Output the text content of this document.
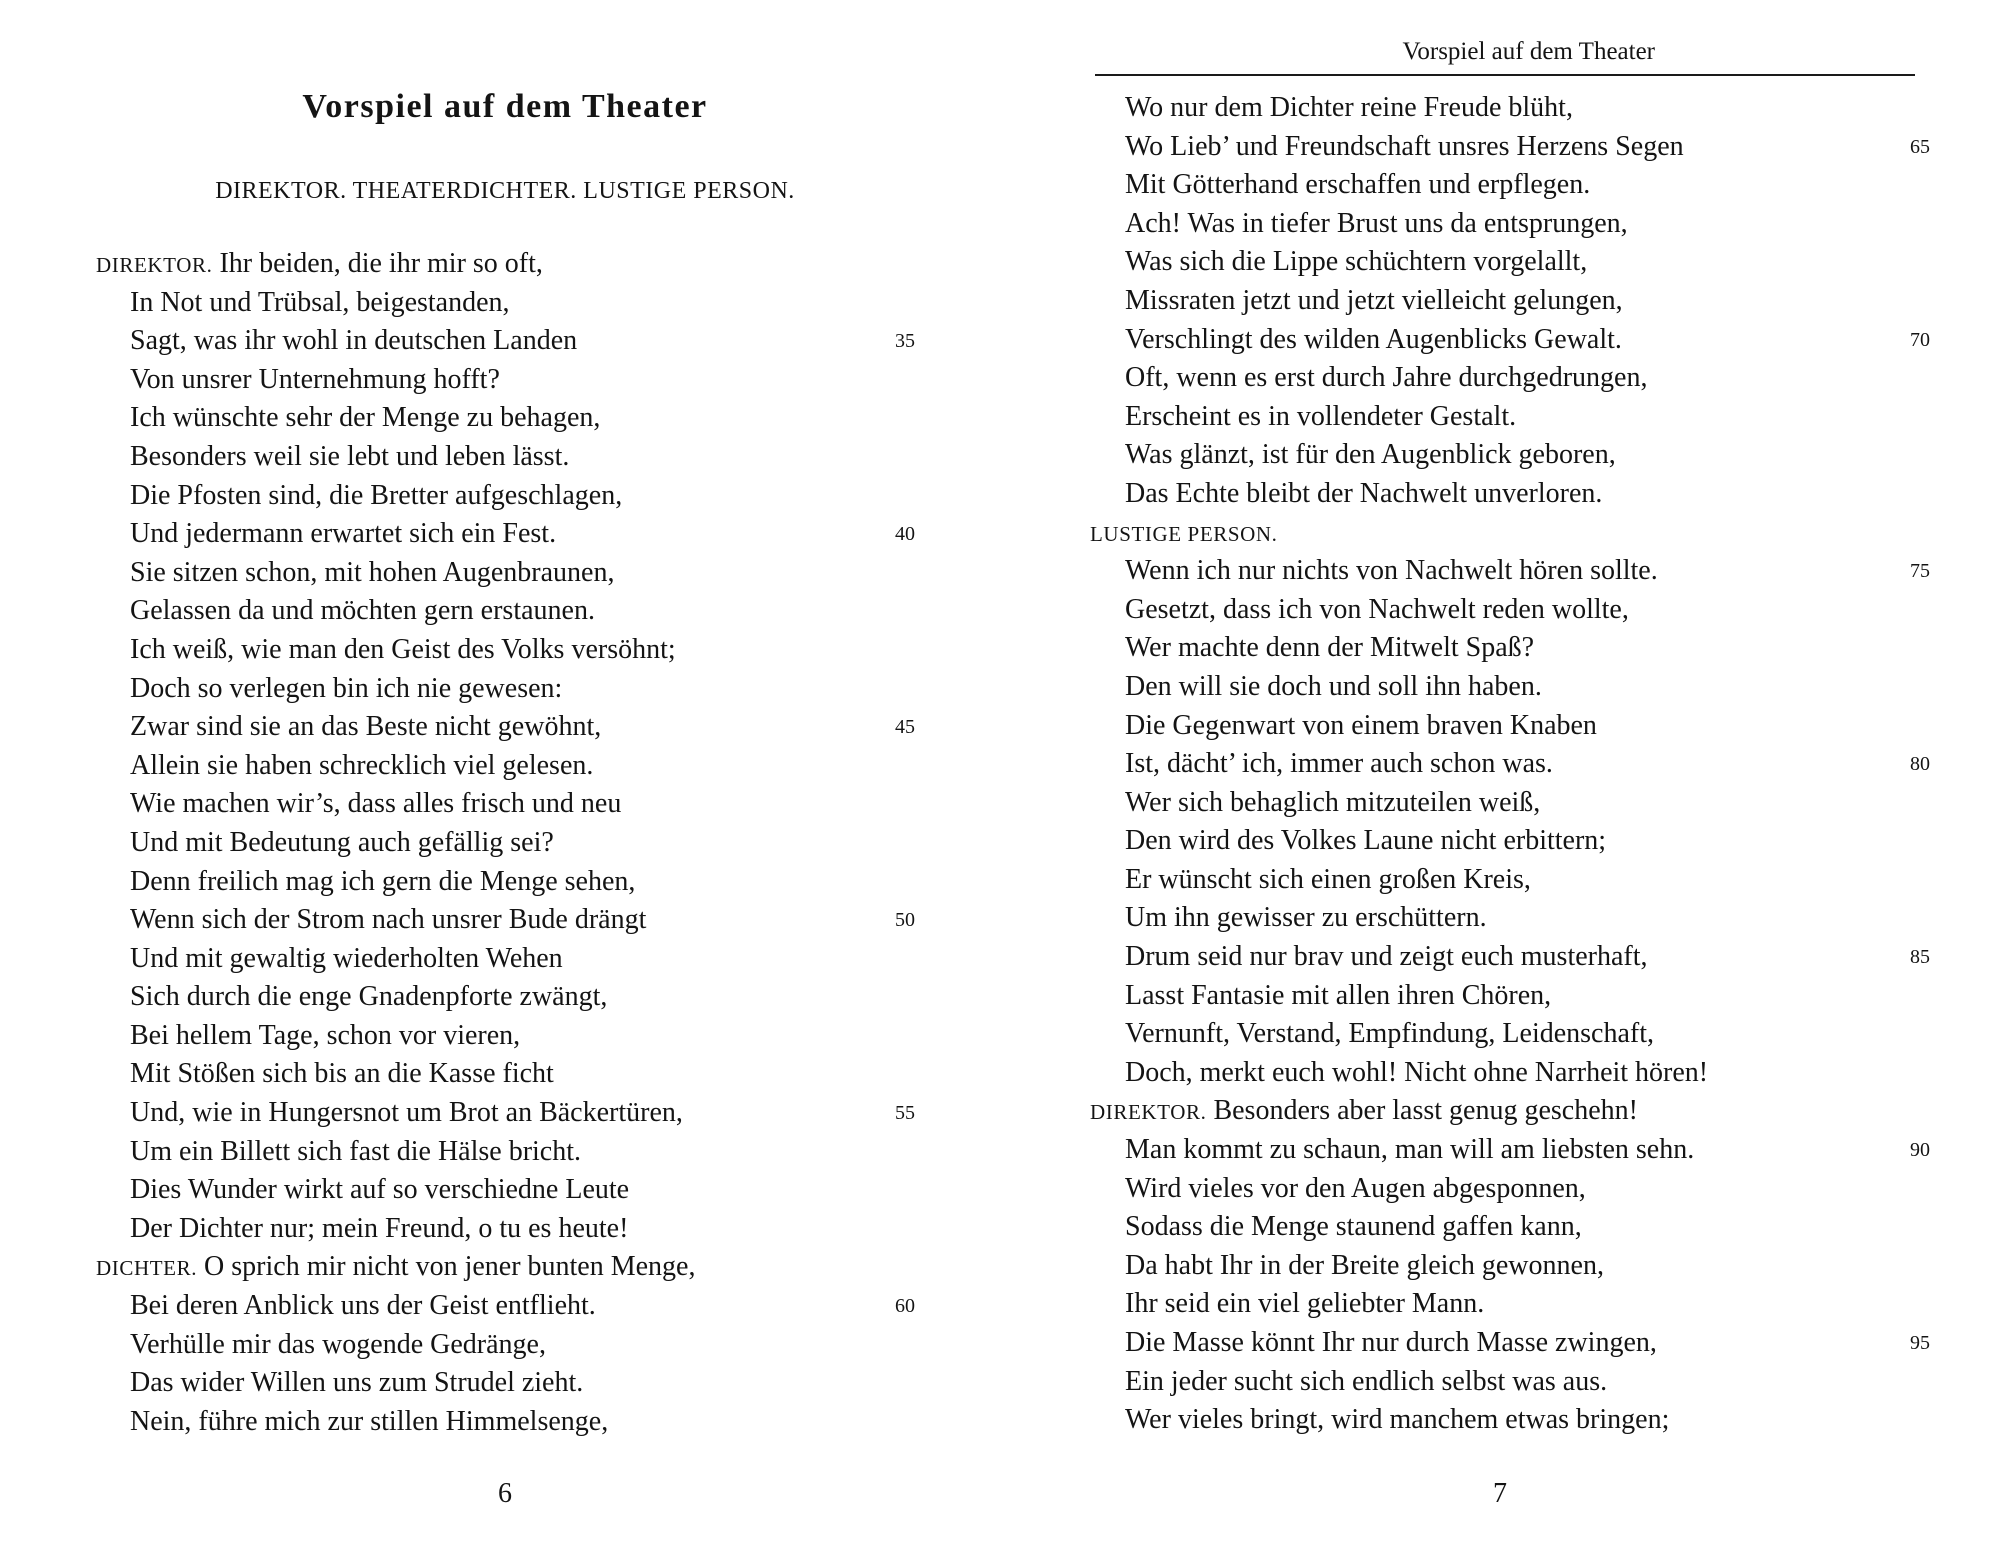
Vorspiel auf dem Theater
DIREKTOR. THEATERDICHTER. LUSTIGE PERSON.
DIREKTOR. Ihr beiden, die ihr mir so oft,
In Not und Trübsal, beigestanden,
Sagt, was ihr wohl in deutschen Landen	35
Von unsrer Unternehmung hofft?
Ich wünschte sehr der Menge zu behagen,
Besonders weil sie lebt und leben lässt.
Die Pfosten sind, die Bretter aufgeschlagen,
Und jedermann erwartet sich ein Fest.	40
Sie sitzen schon, mit hohen Augenbraunen,
Gelassen da und möchten gern erstaunen.
Ich weiß, wie man den Geist des Volks versöhnt;
Doch so verlegen bin ich nie gewesen:
Zwar sind sie an das Beste nicht gewöhnt,	45
Allein sie haben schrecklich viel gelesen.
Wie machen wir’s, dass alles frisch und neu
Und mit Bedeutung auch gefällig sei?
Denn freilich mag ich gern die Menge sehen,
Wenn sich der Strom nach unsrer Bude drängt	50
Und mit gewaltig wiederholten Wehen
Sich durch die enge Gnadenpforte zwängt,
Bei hellem Tage, schon vor vieren,
Mit Stößen sich bis an die Kasse ficht
Und, wie in Hungersnot um Brot an Bäckertüren,	55
Um ein Billett sich fast die Hälse bricht.
Dies Wunder wirkt auf so verschiedne Leute
Der Dichter nur; mein Freund, o tu es heute!
DICHTER. O sprich mir nicht von jener bunten Menge,
Bei deren Anblick uns der Geist entflieht.	60
Verhülle mir das wogende Gedränge,
Das wider Willen uns zum Strudel zieht.
Nein, führe mich zur stillen Himmelsenge,
6
Vorspiel auf dem Theater
Wo nur dem Dichter reine Freude blüht,
Wo Lieb’ und Freundschaft unsres Herzens Segen	65
Mit Götterhand erschaffen und erpflegen.
Ach! Was in tiefer Brust uns da entsprungen,
Was sich die Lippe schüchtern vorgelallt,
Missraten jetzt und jetzt vielleicht gelungen,
Verschlingt des wilden Augenblicks Gewalt.	70
Oft, wenn es erst durch Jahre durchgedrungen,
Erscheint es in vollendeter Gestalt.
Was glänzt, ist für den Augenblick geboren,
Das Echte bleibt der Nachwelt unverloren.
LUSTIGE PERSON.
Wenn ich nur nichts von Nachwelt hören sollte.	75
Gesetzt, dass ich von Nachwelt reden wollte,
Wer machte denn der Mitwelt Spaß?
Den will sie doch und soll ihn haben.
Die Gegenwart von einem braven Knaben
Ist, dächt’ ich, immer auch schon was.	80
Wer sich behaglich mitzuteilen weiß,
Den wird des Volkes Laune nicht erbittern;
Er wünscht sich einen großen Kreis,
Um ihn gewisser zu erschüttern.
Drum seid nur brav und zeigt euch musterhaft,	85
Lasst Fantasie mit allen ihren Chören,
Vernunft, Verstand, Empfindung, Leidenschaft,
Doch, merkt euch wohl! Nicht ohne Narrheit hören!
DIREKTOR. Besonders aber lasst genug geschehn!
Man kommt zu schaun, man will am liebsten sehn.	90
Wird vieles vor den Augen abgesponnen,
Sodass die Menge staunend gaffen kann,
Da habt Ihr in der Breite gleich gewonnen,
Ihr seid ein viel geliebter Mann.
Die Masse könnt Ihr nur durch Masse zwingen,	95
Ein jeder sucht sich endlich selbst was aus.
Wer vieles bringt, wird manchem etwas bringen;
7
